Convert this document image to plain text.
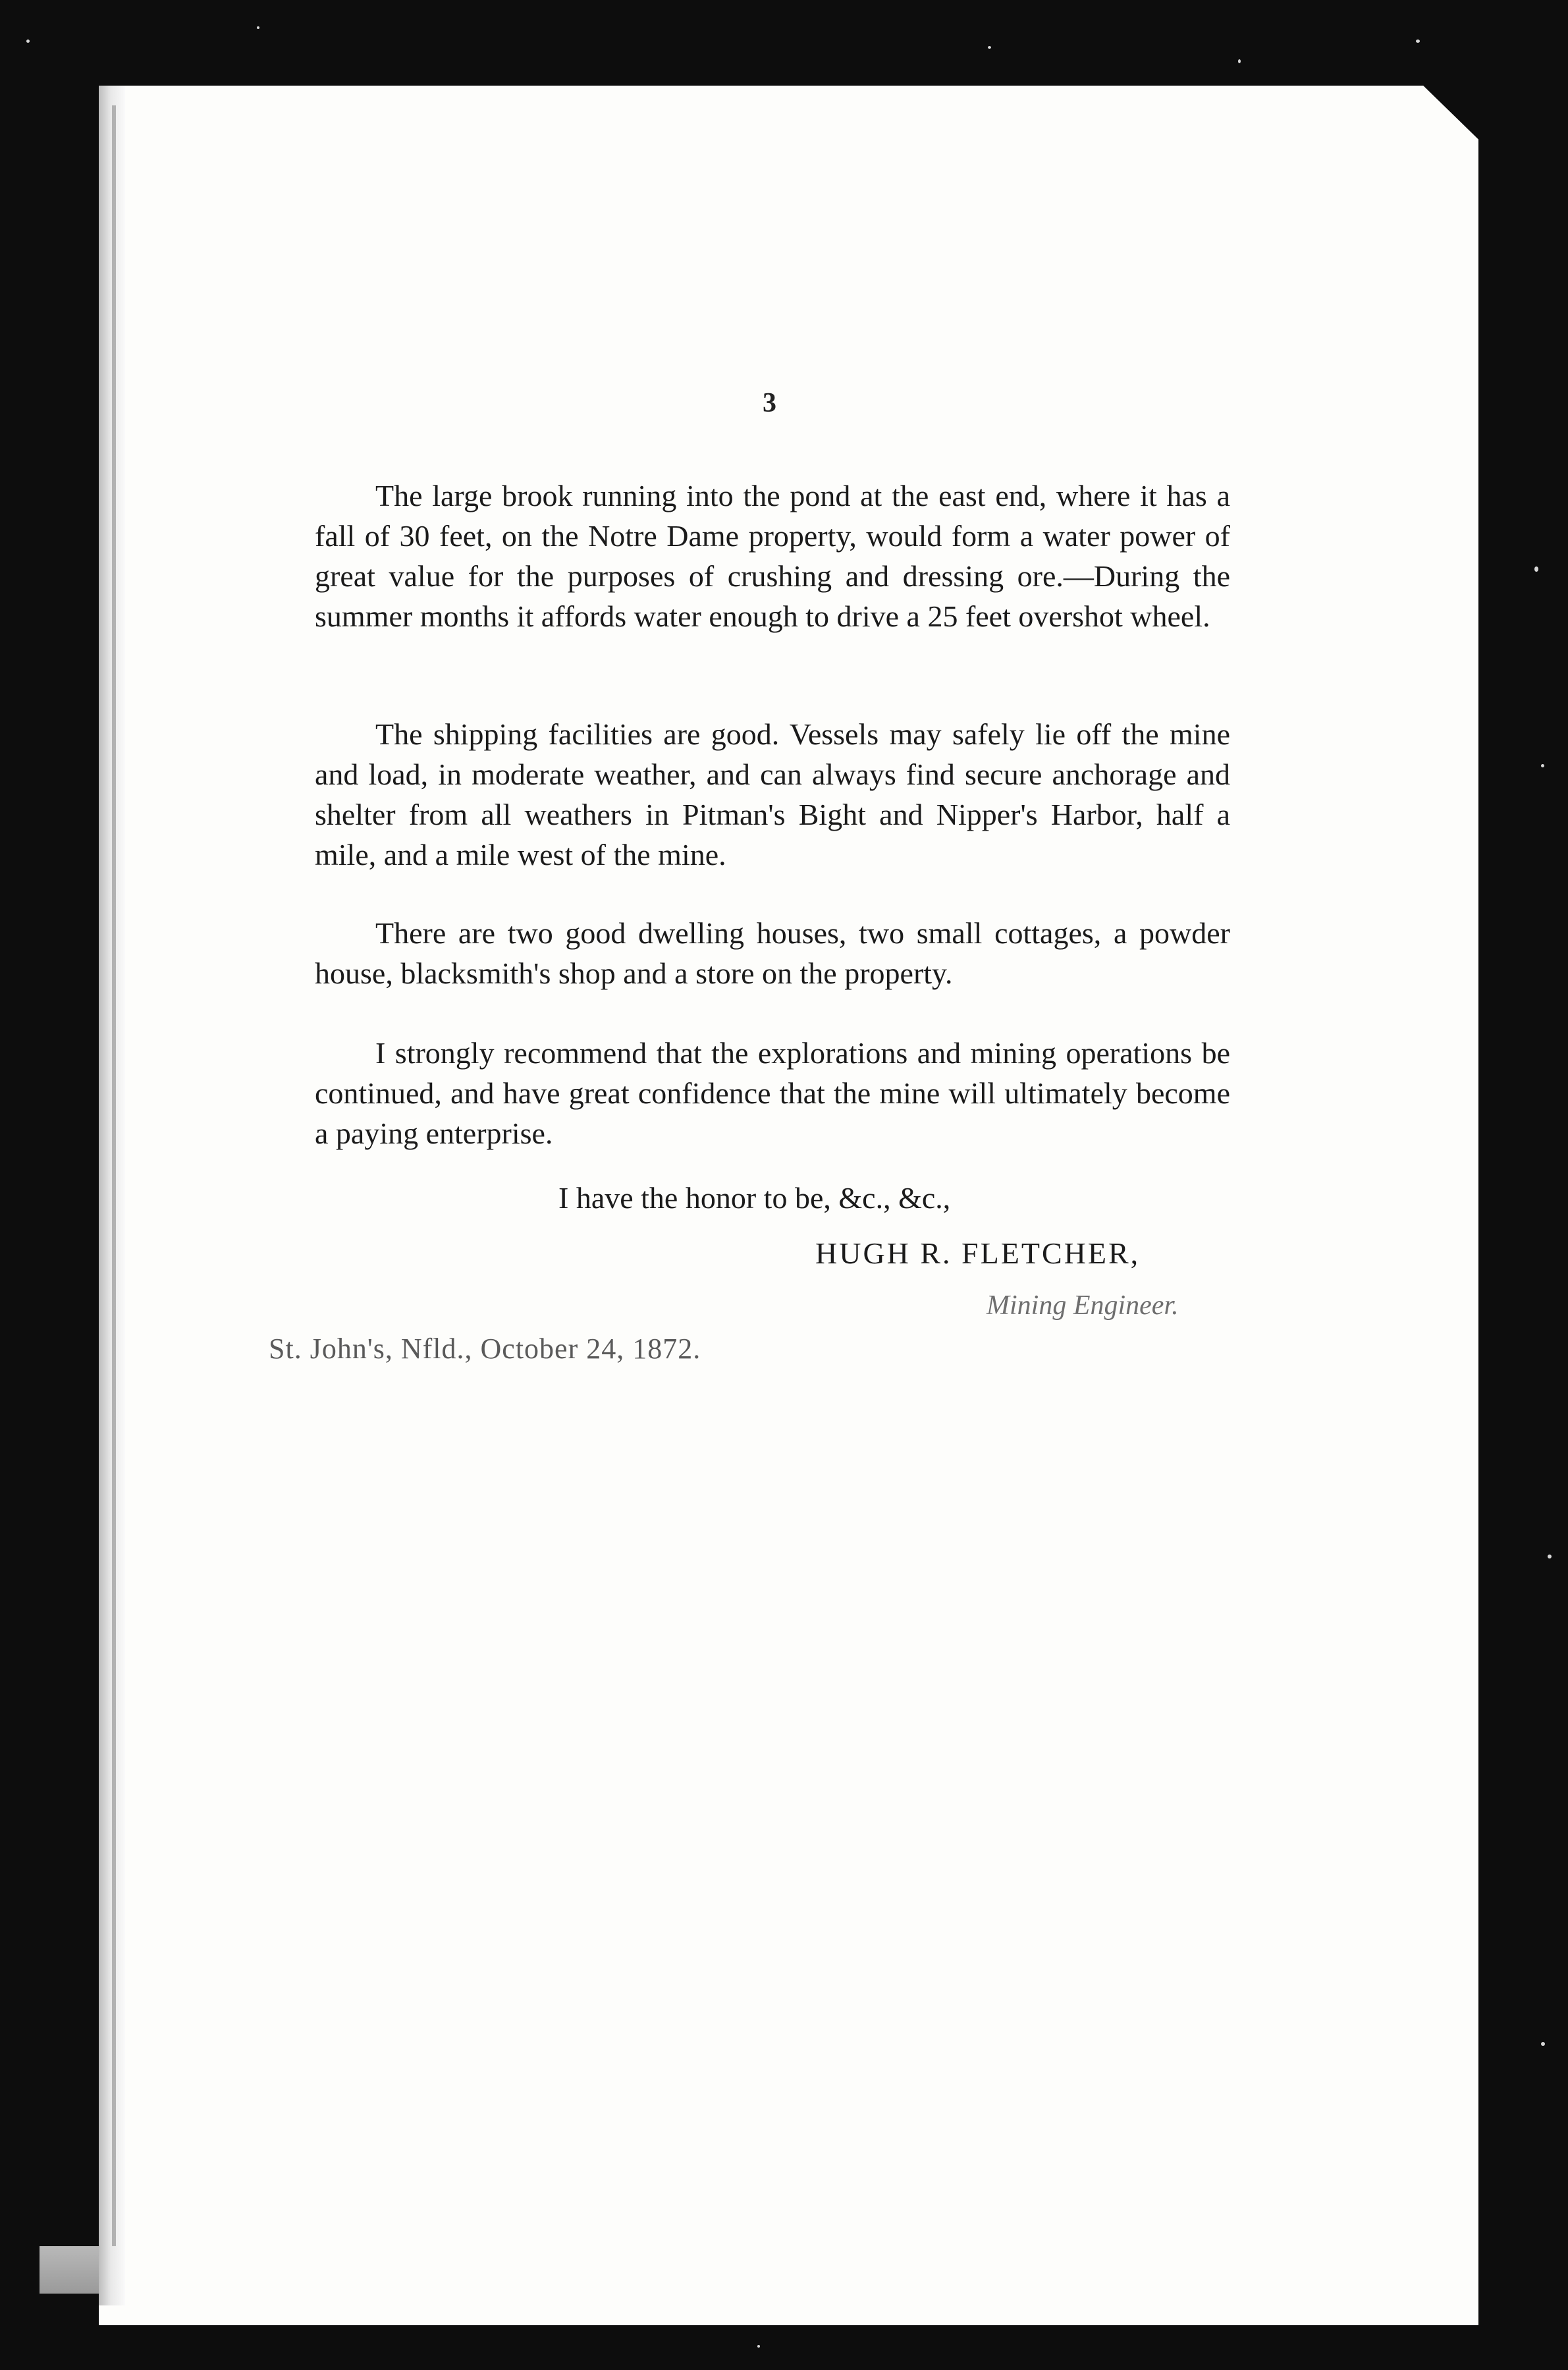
3

The large brook running into the pond at the east end, where it has a fall of 30 feet, on the Notre Dame property, would form a water power of great value for the purposes of crushing and dressing ore.—During the summer months it affords water enough to drive a 25 feet overshot wheel.

The shipping facilities are good. Vessels may safely lie off the mine and load, in moderate weather, and can always find secure anchorage and shelter from all weathers in Pitman's Bight and Nipper's Harbor, half a mile, and a mile west of the mine.

There are two good dwelling houses, two small cottages, a powder house, blacksmith's shop and a store on the property.

I strongly recommend that the explorations and mining operations be continued, and have great confidence that the mine will ultimately become a paying enterprise.

I have the honor to be, &c., &c.,
HUGH R. FLETCHER,
Mining Engineer.
St. John's, Nfld., October 24, 1872.
